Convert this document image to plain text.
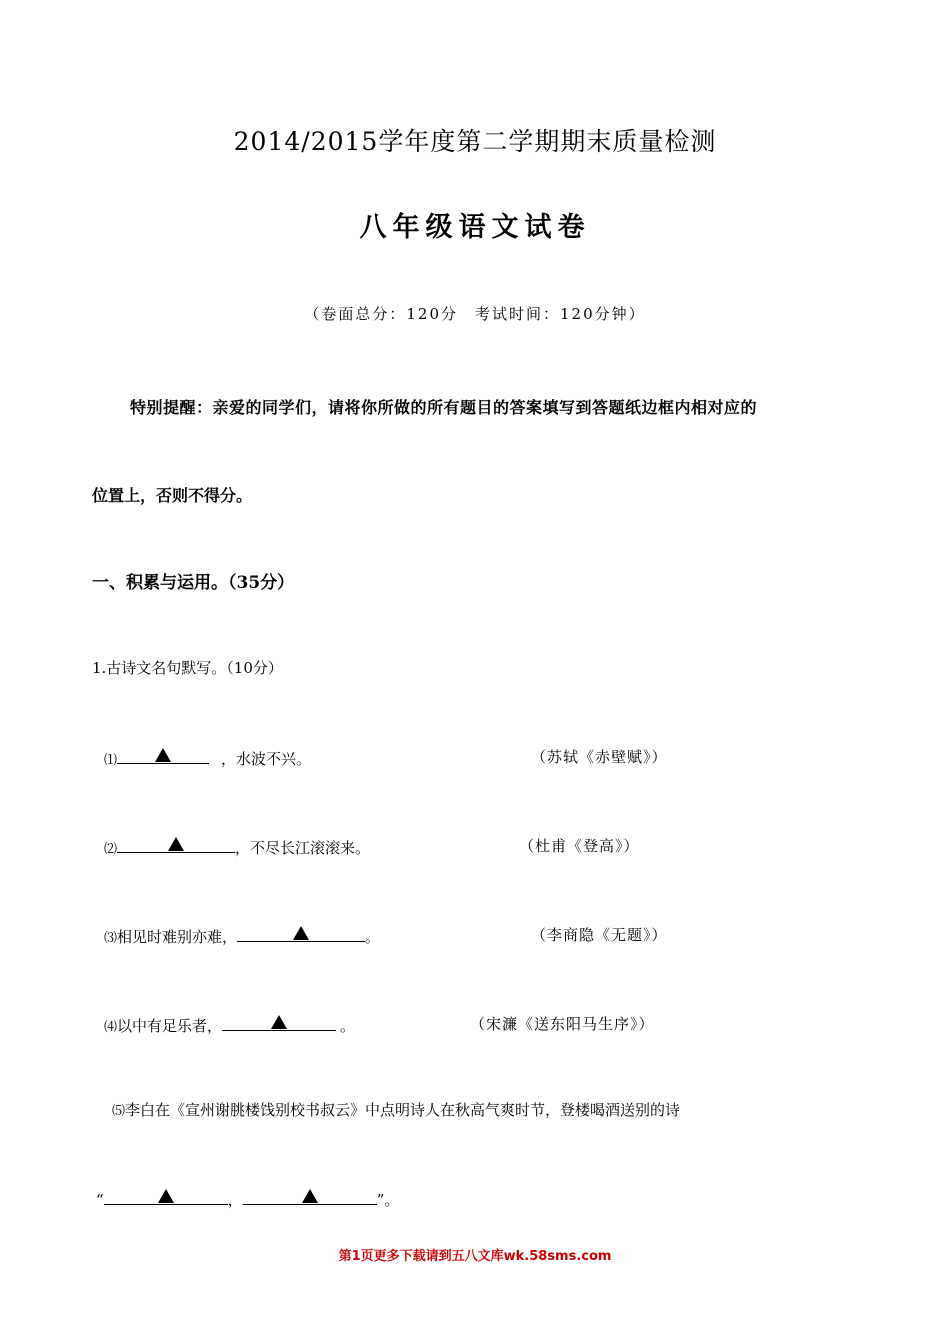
2014/2015学年度第二学期期末质量检测
八年级语文试卷
（卷面总分：120分　考试时间：120分钟）
特别提醒：亲爱的同学们，请将你所做的所有题目的答案填写到答题纸边框内相对应的
位置上，否则不得分。
一、积累与运用。（35分）
1.古诗文名句默写。（10分）
⑴	，水波不兴。	（苏轼《赤壁赋》）
⑵	，不尽长江滚滚来。	（杜甫《登高》）
⑶相见时难别亦难，	。	（李商隐《无题》）
⑷以中有足乐者，	。	（宋濂《送东阳马生序》）
⑸李白在《宣州谢朓楼饯别校书叔云》中点明诗人在秋高气爽时节，登楼喝酒送别的诗
“	，	”。
第1页更多下载请到五八文库wk.58sms.com
